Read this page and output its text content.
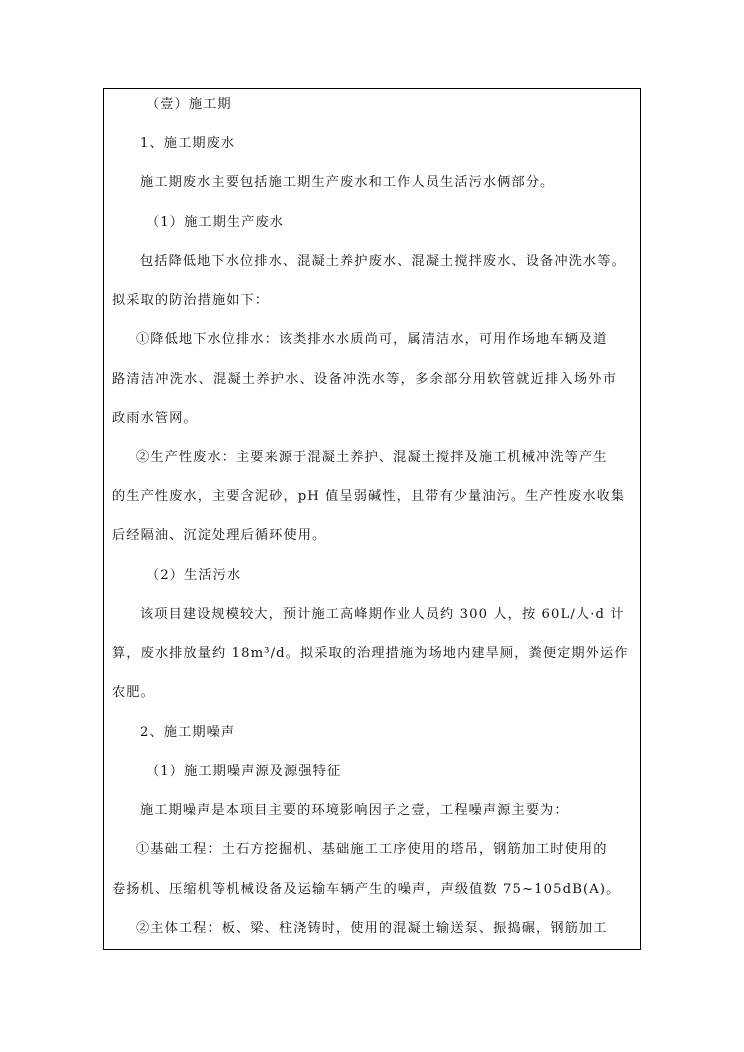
（壹）施工期
1、施工期废水
施工期废水主要包括施工期生产废水和工作人员生活污水俩部分。
（1）施工期生产废水
包括降低地下水位排水、混凝土养护废水、混凝土搅拌废水、设备冲洗水等。
拟采取的防治措施如下：
①降低地下水位排水：该类排水水质尚可，属清洁水，可用作场地车辆及道
路清洁冲洗水、混凝土养护水、设备冲洗水等，多余部分用软管就近排入场外市
政雨水管网。
②生产性废水：主要来源于混凝土养护、混凝土搅拌及施工机械冲洗等产生
的生产性废水，主要含泥砂，pH 值呈弱碱性，且带有少量油污。生产性废水收集
后经隔油、沉淀处理后循环使用。
（2）生活污水
该项目建设规模较大，预计施工高峰期作业人员约 300 人，按 60L/人·d 计
算，废水排放量约 18m³/d。拟采取的治理措施为场地内建旱厕，粪便定期外运作
农肥。
2、施工期噪声
（1）施工期噪声源及源强特征
施工期噪声是本项目主要的环境影响因子之壹，工程噪声源主要为：
①基础工程：土石方挖掘机、基础施工工序使用的塔吊，钢筋加工时使用的
卷扬机、压缩机等机械设备及运输车辆产生的噪声，声级值数 75~105dB(A)。
②主体工程：板、梁、柱浇铸时，使用的混凝土输送泵、振捣碾，钢筋加工
